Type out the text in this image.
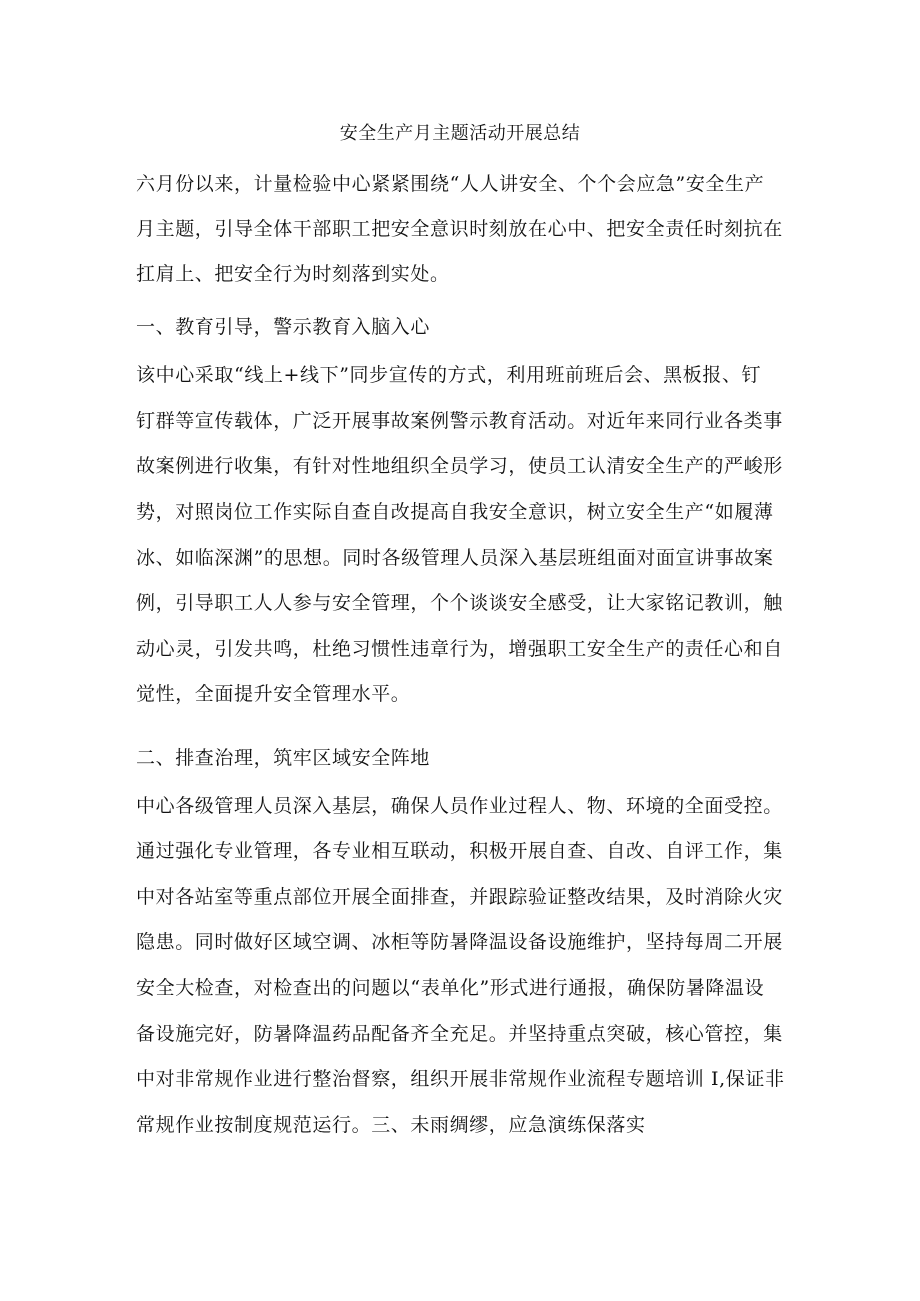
安全生产月主题活动开展总结
六月份以来，计量检验中心紧紧围绕“人人讲安全、个个会应急”安全生产
月主题，引导全体干部职工把安全意识时刻放在心中、把安全责任时刻抗在
扛肩上、把安全行为时刻落到实处。
一、教育引导，警示教育入脑入心
该中心采取“线上+线下”同步宣传的方式，利用班前班后会、黑板报、钉
钉群等宣传载体，广泛开展事故案例警示教育活动。对近年来同行业各类事
故案例进行收集，有针对性地组织全员学习，使员工认清安全生产的严峻形
势，对照岗位工作实际自查自改提高自我安全意识，树立安全生产“如履薄
冰、如临深渊”的思想。同时各级管理人员深入基层班组面对面宣讲事故案
例，引导职工人人参与安全管理，个个谈谈安全感受，让大家铭记教训，触
动心灵，引发共鸣，杜绝习惯性违章行为，增强职工安全生产的责任心和自
觉性，全面提升安全管理水平。
二、排查治理，筑牢区域安全阵地
中心各级管理人员深入基层，确保人员作业过程人、物、环境的全面受控。
通过强化专业管理，各专业相互联动，积极开展自查、自改、自评工作，集
中对各站室等重点部位开展全面排查，并跟踪验证整改结果，及时消除火灾
隐患。同时做好区域空调、冰柜等防暑降温设备设施维护，坚持每周二开展
安全大检查，对检查出的问题以“表单化”形式进行通报，确保防暑降温设
备设施完好，防暑降温药品配备齐全充足。并坚持重点突破，核心管控，集
中对非常规作业进行整治督察，组织开展非常规作业流程专题培训 I,保证非
常规作业按制度规范运行。三、未雨绸缪，应急演练保落实
